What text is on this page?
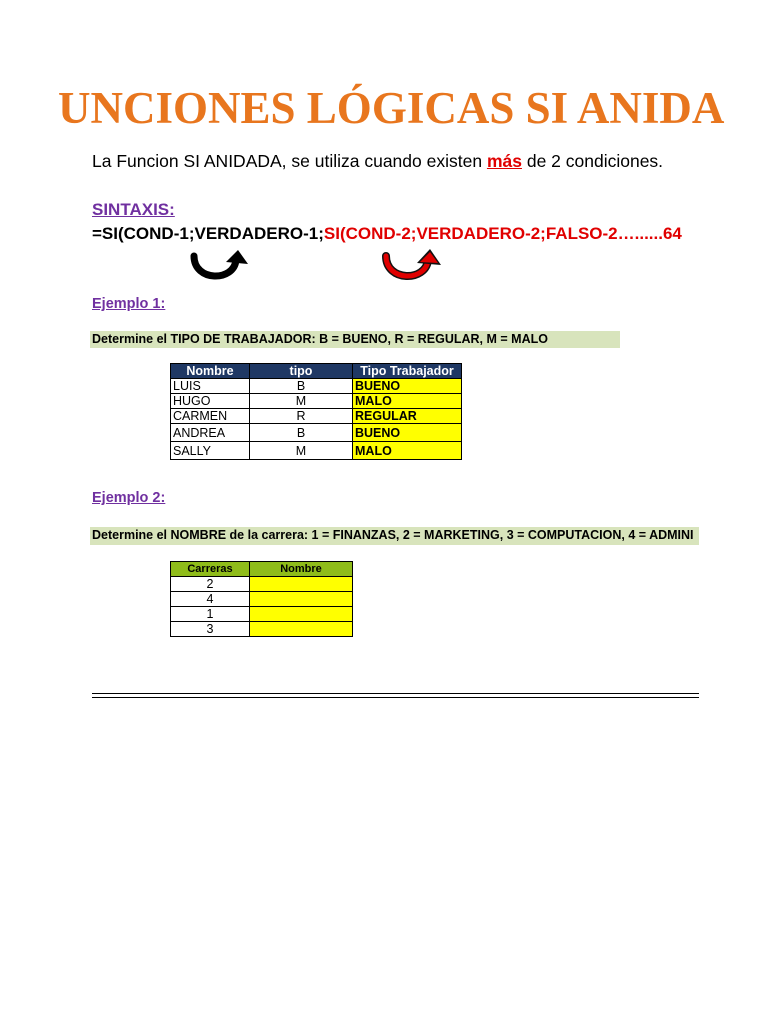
UNCIONES LÓGICAS SI ANIDA
La Funcion SI ANIDADA, se utiliza cuando existen más de 2 condiciones.
SINTAXIS:
=SI(COND-1;VERDADERO-1;SI(COND-2;VERDADERO-2;FALSO-2…......64
Ejemplo 1:
Determine el TIPO DE TRABAJADOR: B = BUENO, R = REGULAR, M = MALO
Nombre	tipo	Tipo Trabajador
LUIS	B	BUENO
HUGO	M	MALO
CARMEN	R	REGULAR
ANDREA	B	BUENO
SALLY	M	MALO
Ejemplo 2:
Determine el NOMBRE de la carrera: 1 = FINANZAS, 2 = MARKETING, 3 = COMPUTACION, 4 = ADMINI
Carreras	Nombre
2	
4	
1	
3	
